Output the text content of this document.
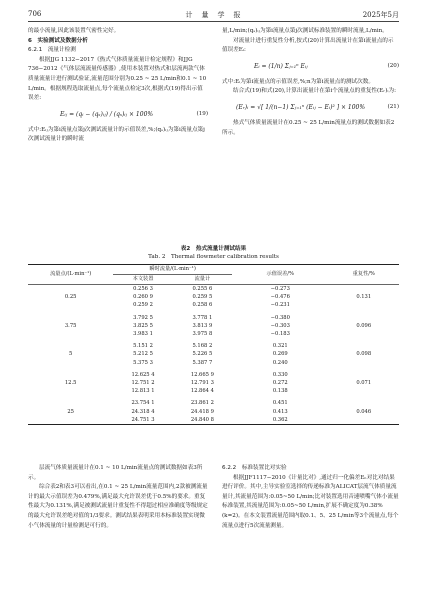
706	计　量　学　报	2025年5月

的最小流量,因此该装置气密性完好。

6　实验测试及数据分析

6.2.1　流量计检测

根据JJG 1132−2017《热式气体质量流量计检定规程》和JJG 736−2012《气体层流流量传感器》,使用本装置对热式和层流两款气体质量流量计进行测试验证,流量范围分别为0.25 ~ 25 L/min和0.1 ~ 10 L/min。根据规程选取流量点,每个流量点检定3次,根据式(19)得出示值误差:

Eᵢⱼ = (qᵢ − (qₛ)ᵢⱼ) / (qₛ)ᵢⱼ × 100%	(19)

式中:Eᵢⱼ为第i流量点第j次测试流量计的示值误差,%;(qₛ)ᵢⱼ为第i流量点第j次测试流量计的瞬时流

量,L/min;(qₛ)ᵢⱼ为第i流量点第j次测试标准装置的瞬时流量,L/min。

对流量计进行重复性分析,按式(20)计算出流量计在第i流量点的示值误差Eᵢ:

Eᵢ = (1/n) Σⱼ₌₁ⁿ Eᵢⱼ	(20)

式中:Eᵢ为第i流量点的示值误差,%;n为第i流量点的测试次数。

结合式(19)和式(20),计算出流量计在第i个流量点的重复性(Eᵣ)ᵢ为:

(Eᵣ)ᵢ = √[ 1/(n−1) Σⱼ₌₁ⁿ (Eᵢⱼ − Eᵢ)² ] × 100%	(21)

热式气体质量流量计在0.25 ~ 25 L/min流量点的测试数据如表2所示。

表2　热式流量计测试结果
Tab. 2　Thermal flowmeter calibration results
流量点/(L·min⁻¹)	瞬时流量/(L·min⁻¹)		示值误差/%	重复性/%
	本文装置	流量计		
0.25	0.256 3	0.255 6	−0.273	0.131
	0.260 9	0.259 5	−0.476	
	0.259 2	0.258 6	−0.231	

3.75	3.792 5	3.778 1	−0.380	0.096
	3.825 5	3.813 9	−0.303	
	3.983 1	3.975 8	−0.183	

5	5.151 2	5.168 2	0.321	0.098
	5.212 5	5.226 5	0.269	
	5.375 3	5.387 7	0.240	

12.5	12.625 4	12.665 9	0.330	0.071
	12.751 2	12.791 3	0.272	
	12.813 1	12.864 4	0.138	

25	23.754 1	23.861 2	0.451	0.046
	24.318 4	24.418 9	0.413	
	24.751 3	24.840 8	0.362	

层流气体质量流量计在0.1 ~ 10 L/min流量点的测试数据如表3所示。

综合表2和表3可以看出,在0.1 ~ 25 L/min流量范围内,2款被测流量计的最大示值误差为0.479%,满足最大允许误差优于0.5%的要求。重复性最大为0.131%,满足被测试流量计重复性不得超过相应准确度等级规定的最大允许误差绝对值的1/3要求。测试结果表明采用本标准装置实现微小气体流量的计量检测是可行的。

6.2.2　标准装置比对实验

根据JJF1117−2010《计量比对》,通过归一化偏差Eₙ对比对结果进行评价。其中,主导实验室选择的传递标准为ALICAT层流气体质量流量计,其流量范围为:0.05~50 L/min;比对装置选用音速喷嘴气体小流量标准装置,其流量范围为:0.05~50 L/min,扩展不确定度为0.38%(k=2)。在本文装置流量范围内取0.1、5、25 L/min等3个流量点,每个流量点进行5次流量测量。
